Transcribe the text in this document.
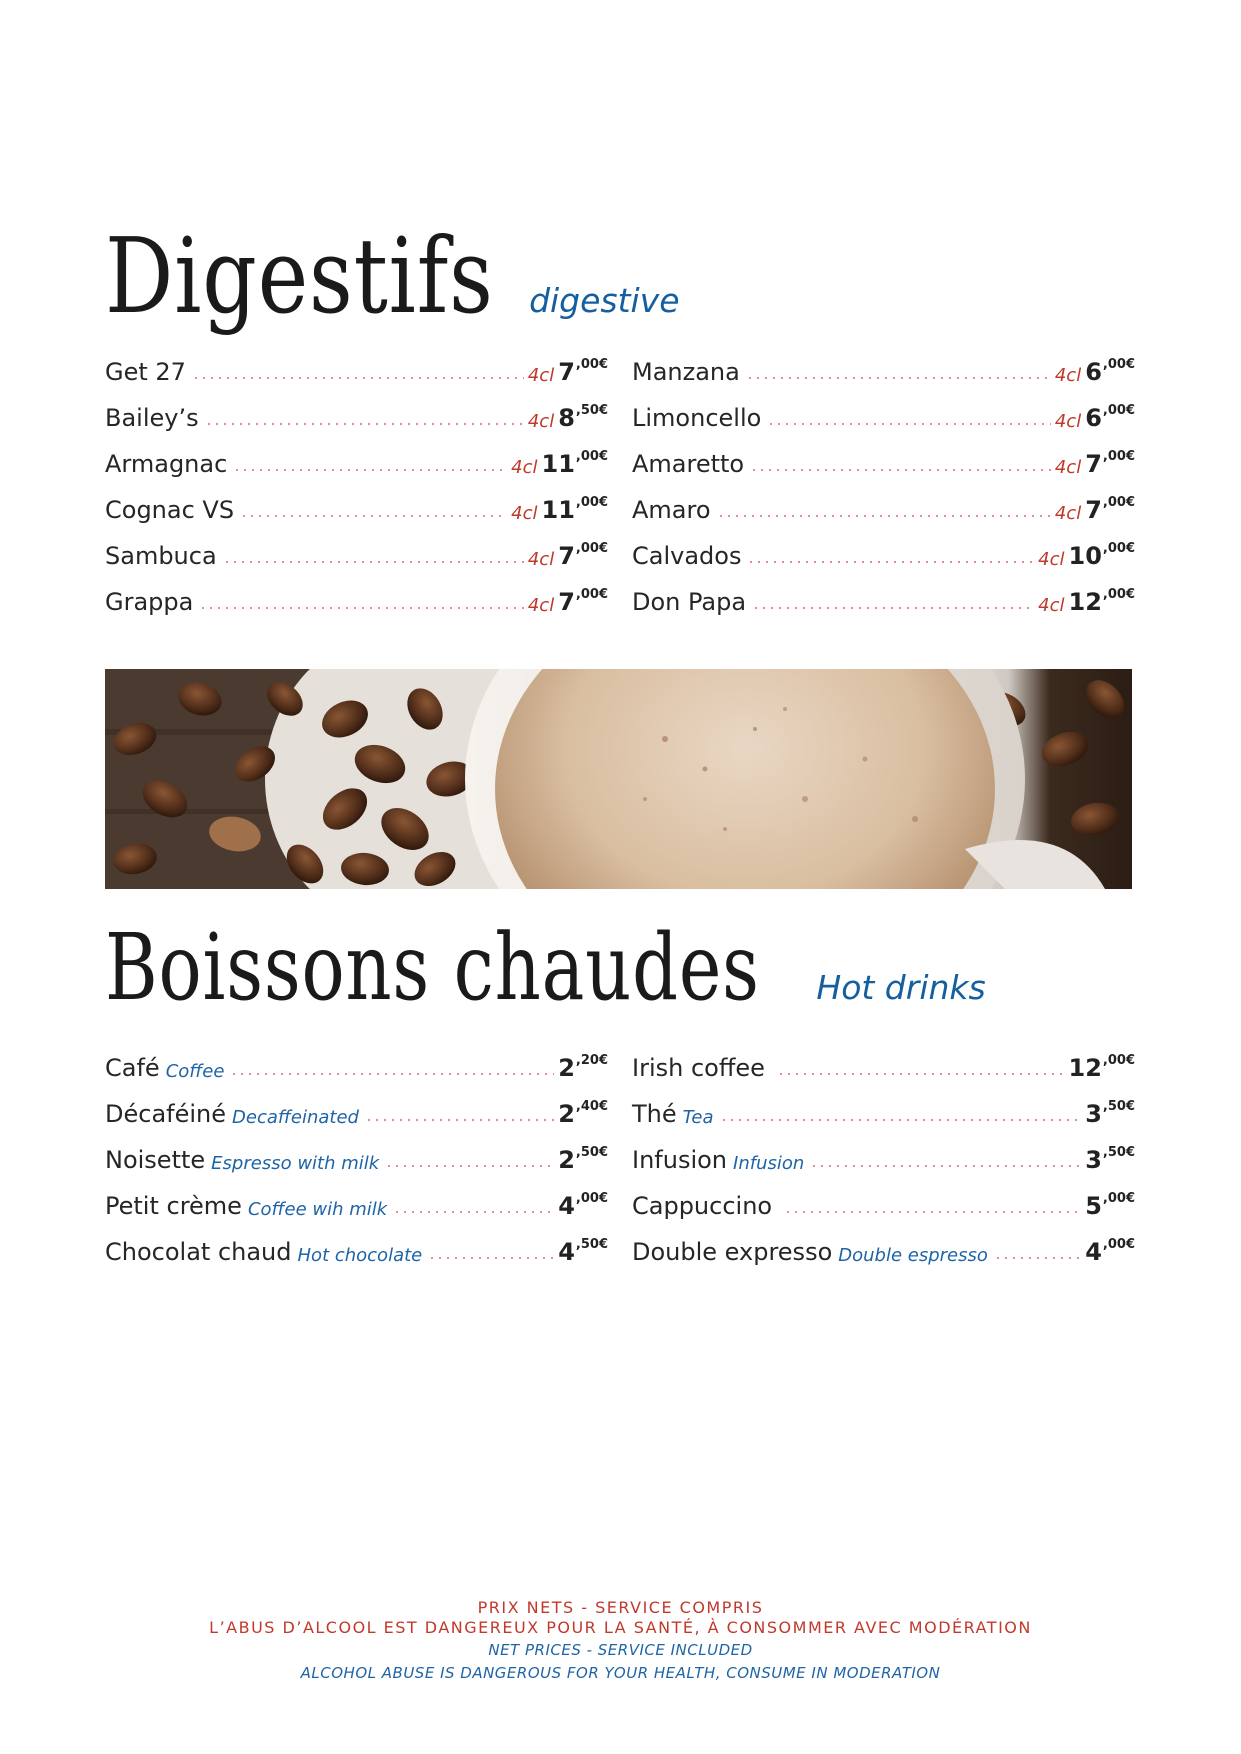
Digestifs digestive
Get 27	4cl $7^{,00€}$
Bailey’s	4cl $8^{,50€}$
Armagnac	4cl $11^{,00€}$
Cognac VS	4cl $11^{,00€}$
Sambuca	4cl $7^{,00€}$
Grappa	4cl $7^{,00€}$
Manzana	4cl $6^{,00€}$
Limoncello	4cl $6^{,00€}$
Amaretto	4cl $7^{,00€}$
Amaro	4cl $7^{,00€}$
Calvados	4cl $10^{,00€}$
Don Papa	4cl $12^{,00€}$
Boissons chaudes Hot drinks
Café Coffee	$2^{,20€}$
Décaféiné Decaffeinated	$2^{,40€}$
Noisette Espresso with milk	$2^{,50€}$
Petit crème Coffee wih milk	$4^{,00€}$
Chocolat chaud Hot chocolate	$4^{,50€}$
Irish coffee	$12^{,00€}$
Thé Tea	$3^{,50€}$
Infusion Infusion	$3^{,50€}$
Cappuccino	$5^{,00€}$
Double expresso Double espresso	$4^{,00€}$
PRIX NETS - SERVICE COMPRIS
L’ABUS D’ALCOOL EST DANGEREUX POUR LA SANTÉ, À CONSOMMER AVEC MODÉRATION
NET PRICES - SERVICE INCLUDED
ALCOHOL ABUSE IS DANGEROUS FOR YOUR HEALTH, CONSUME IN MODERATION
